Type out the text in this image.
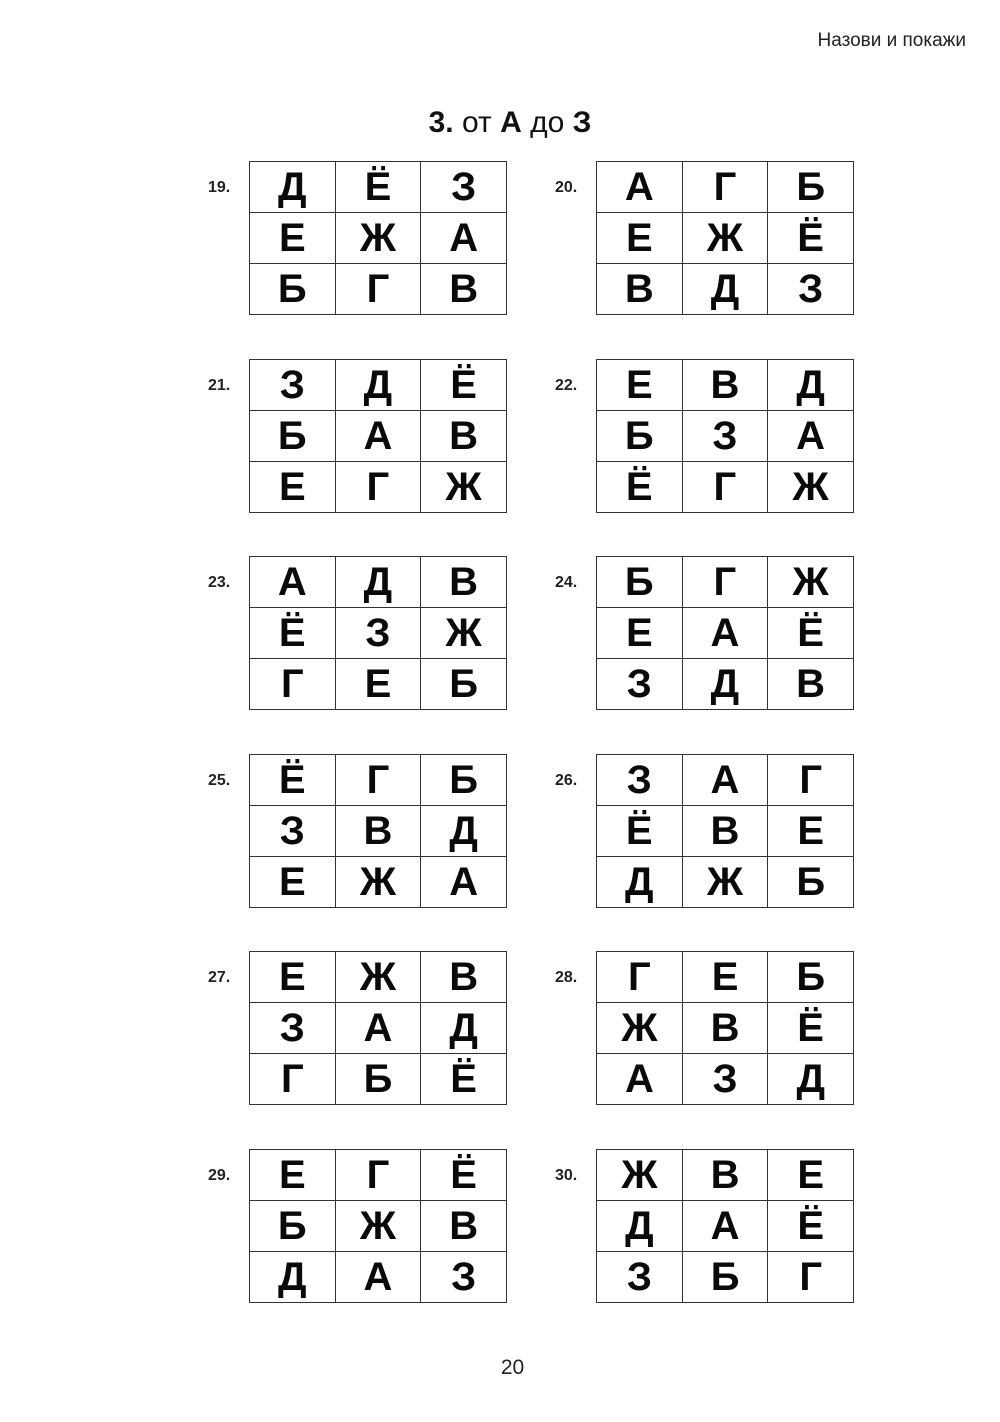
Назови и покажи
3. от А до З
19. Д	Ё	З
Е	Ж	А
Б	Г	В
20. А	Г	Б
Е	Ж	Ё
В	Д	З
21. З	Д	Ё
Б	А	В
Е	Г	Ж
22. Е	В	Д
Б	З	А
Ё	Г	Ж
23. А	Д	В
Ё	З	Ж
Г	Е	Б
24. Б	Г	Ж
Е	А	Ё
З	Д	В
25. Ё	Г	Б
З	В	Д
Е	Ж	А
26. З	А	Г
Ё	В	Е
Д	Ж	Б
27. Е	Ж	В
З	А	Д
Г	Б	Ё
28. Г	Е	Б
Ж	В	Ё
А	З	Д
29. Е	Г	Ё
Б	Ж	В
Д	А	З
30. Ж	В	Е
Д	А	Ё
З	Б	Г
20
